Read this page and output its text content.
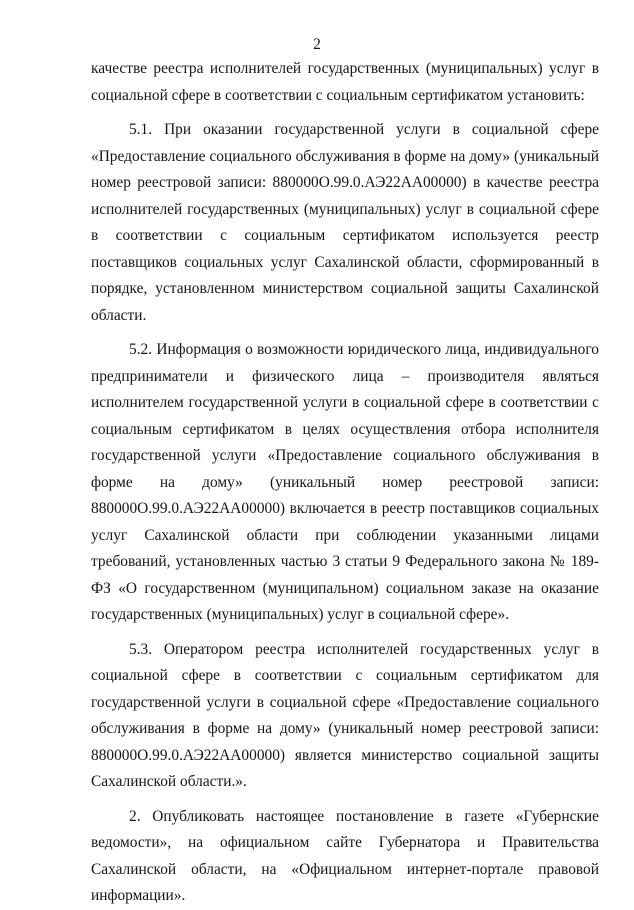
2

качестве реестра исполнителей государственных (муниципальных) услуг в социальной сфере в соответствии с социальным сертификатом установить:

5.1. При оказании государственной услуги в социальной сфере «Предоставление социального обслуживания в форме на дому» (уникальный номер реестровой записи: 880000О.99.0.АЭ22АА00000) в качестве реестра исполнителей государственных (муниципальных) услуг в социальной сфере в соответствии с социальным сертификатом используется реестр поставщиков социальных услуг Сахалинской области, сформированный в порядке, установленном министерством социальной защиты Сахалинской области.

5.2. Информация о возможности юридического лица, индивидуального предприниматели и физического лица – производителя являться исполнителем государственной услуги в социальной сфере в соответствии с социальным сертификатом в целях осуществления отбора исполнителя государственной услуги «Предоставление социального обслуживания в форме на дому» (уникальный номер реестровой записи: 880000О.99.0.АЭ22АА00000) включается в реестр поставщиков социальных услуг Сахалинской области при соблюдении указанными лицами требований, установленных частью 3 статьи 9 Федерального закона № 189-ФЗ «О государственном (муниципальном) социальном заказе на оказание государственных (муниципальных) услуг в социальной сфере».

5.3. Оператором реестра исполнителей государственных услуг в социальной сфере в соответствии с социальным сертификатом для государственной услуги в социальной сфере «Предоставление социального обслуживания в форме на дому» (уникальный номер реестровой записи: 880000О.99.0.АЭ22АА00000) является министерство социальной защиты Сахалинской области.».

2. Опубликовать настоящее постановление в газете «Губернские ведомости», на официальном сайте Губернатора и Правительства Сахалинской области, на «Официальном интернет-портале правовой информации».
